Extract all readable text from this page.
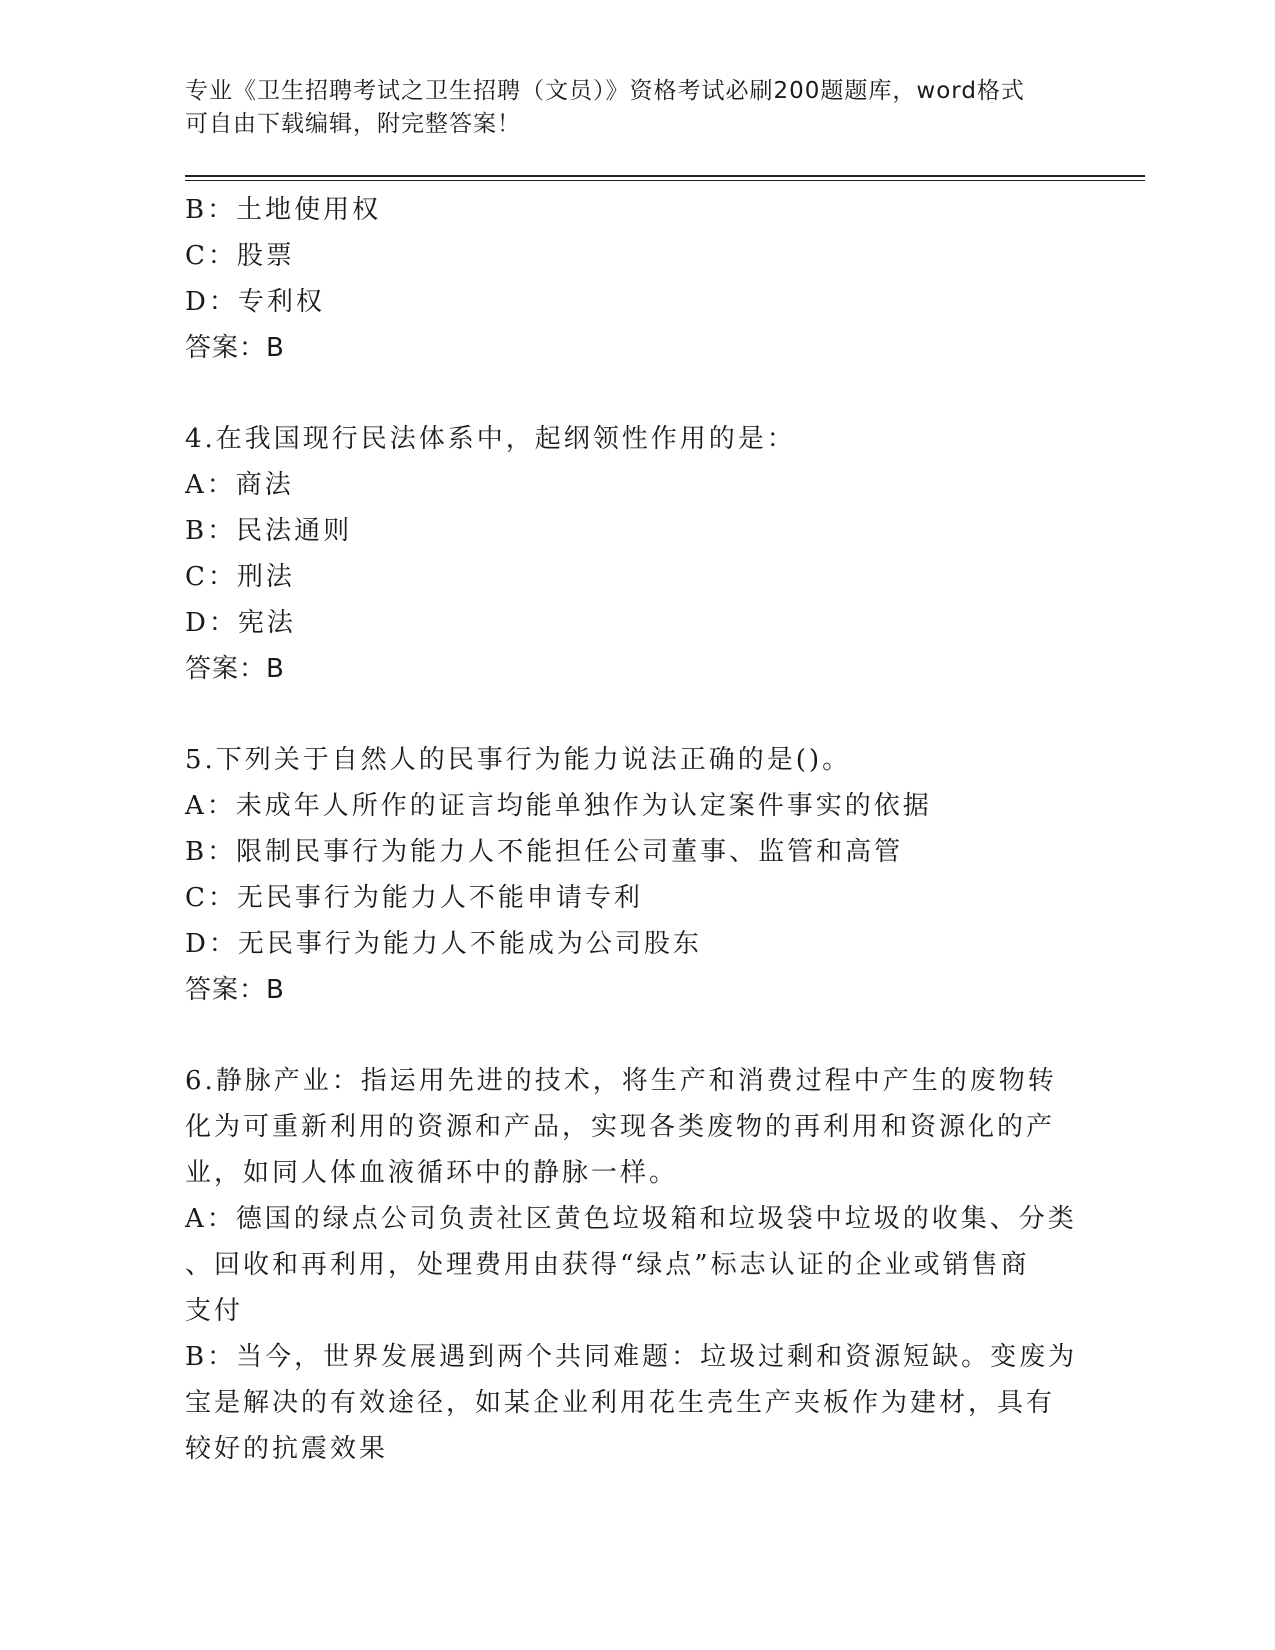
专业《卫生招聘考试之卫生招聘（文员）》资格考试必刷200题题库，word格式
可自由下载编辑，附完整答案！
B：土地使用权
C：股票
D：专利权
答案：B
4.在我国现行民法体系中，起纲领性作用的是：
A：商法
B：民法通则
C：刑法
D：宪法
答案：B
5.下列关于自然人的民事行为能力说法正确的是()。
A：未成年人所作的证言均能单独作为认定案件事实的依据
B：限制民事行为能力人不能担任公司董事、监管和高管
C：无民事行为能力人不能申请专利
D：无民事行为能力人不能成为公司股东
答案：B
6.静脉产业：指运用先进的技术，将生产和消费过程中产生的废物转
化为可重新利用的资源和产品，实现各类废物的再利用和资源化的产
业，如同人体血液循环中的静脉一样。
A：德国的绿点公司负责社区黄色垃圾箱和垃圾袋中垃圾的收集、分类
、回收和再利用，处理费用由获得“绿点”标志认证的企业或销售商
支付
B：当今，世界发展遇到两个共同难题：垃圾过剩和资源短缺。变废为
宝是解决的有效途径，如某企业利用花生壳生产夹板作为建材，具有
较好的抗震效果
